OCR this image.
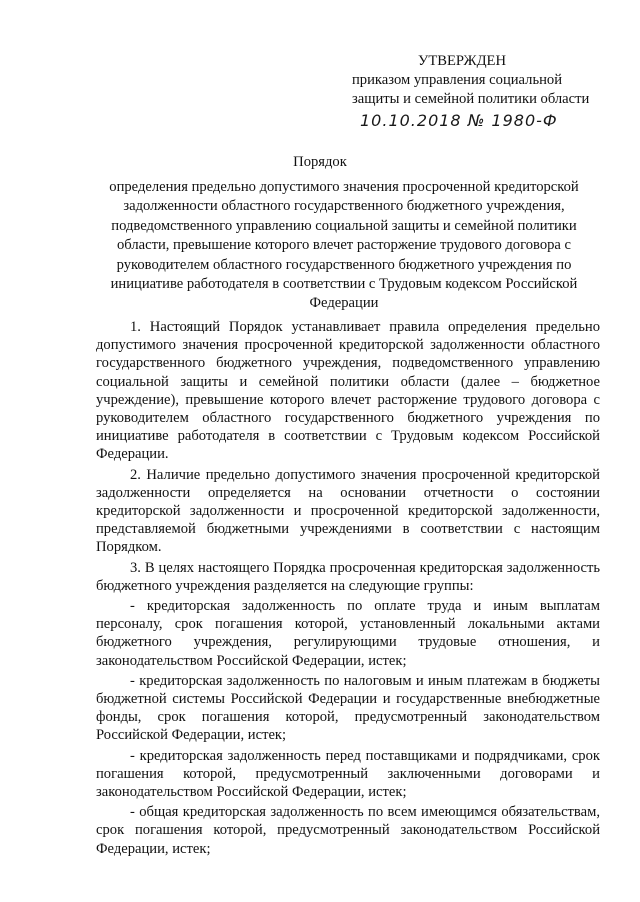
УТВЕРЖДЕН
приказом управления социальной
защиты и семейной политики области
10.10.2018 № 1980-Ф
Порядок
определения предельно допустимого значения просроченной кредиторской задолженности областного государственного бюджетного учреждения, подведомственного управлению социальной защиты и семейной политики области, превышение которого влечет расторжение трудового договора с руководителем областного государственного бюджетного учреждения по инициативе работодателя в соответствии с Трудовым кодексом Российской Федерации

1. Настоящий Порядок устанавливает правила определения предельно допустимого значения просроченной кредиторской задолженности областного государственного бюджетного учреждения, подведомственного управлению социальной защиты и семейной политики области (далее – бюджетное учреждение), превышение которого влечет расторжение трудового договора с руководителем областного государственного бюджетного учреждения по инициативе работодателя в соответствии с Трудовым кодексом Российской Федерации.

2. Наличие предельно допустимого значения просроченной кредиторской задолженности определяется на основании отчетности о состоянии кредиторской задолженности и просроченной кредиторской задолженности, представляемой бюджетными учреждениями в соответствии с настоящим Порядком.

3. В целях настоящего Порядка просроченная кредиторская задолженность бюджетного учреждения разделяется на следующие группы:

- кредиторская задолженность по оплате труда и иным выплатам персоналу, срок погашения которой, установленный локальными актами бюджетного учреждения, регулирующими трудовые отношения, и законодательством Российской Федерации, истек;

- кредиторская задолженность по налоговым и иным платежам в бюджеты бюджетной системы Российской Федерации и государственные внебюджетные фонды, срок погашения которой, предусмотренный законодательством Российской Федерации, истек;

- кредиторская задолженность перед поставщиками и подрядчиками, срок погашения которой, предусмотренный заключенными договорами и законодательством Российской Федерации, истек;

- общая кредиторская задолженность по всем имеющимся обязательствам, срок погашения которой, предусмотренный законодательством Российской Федерации, истек;
